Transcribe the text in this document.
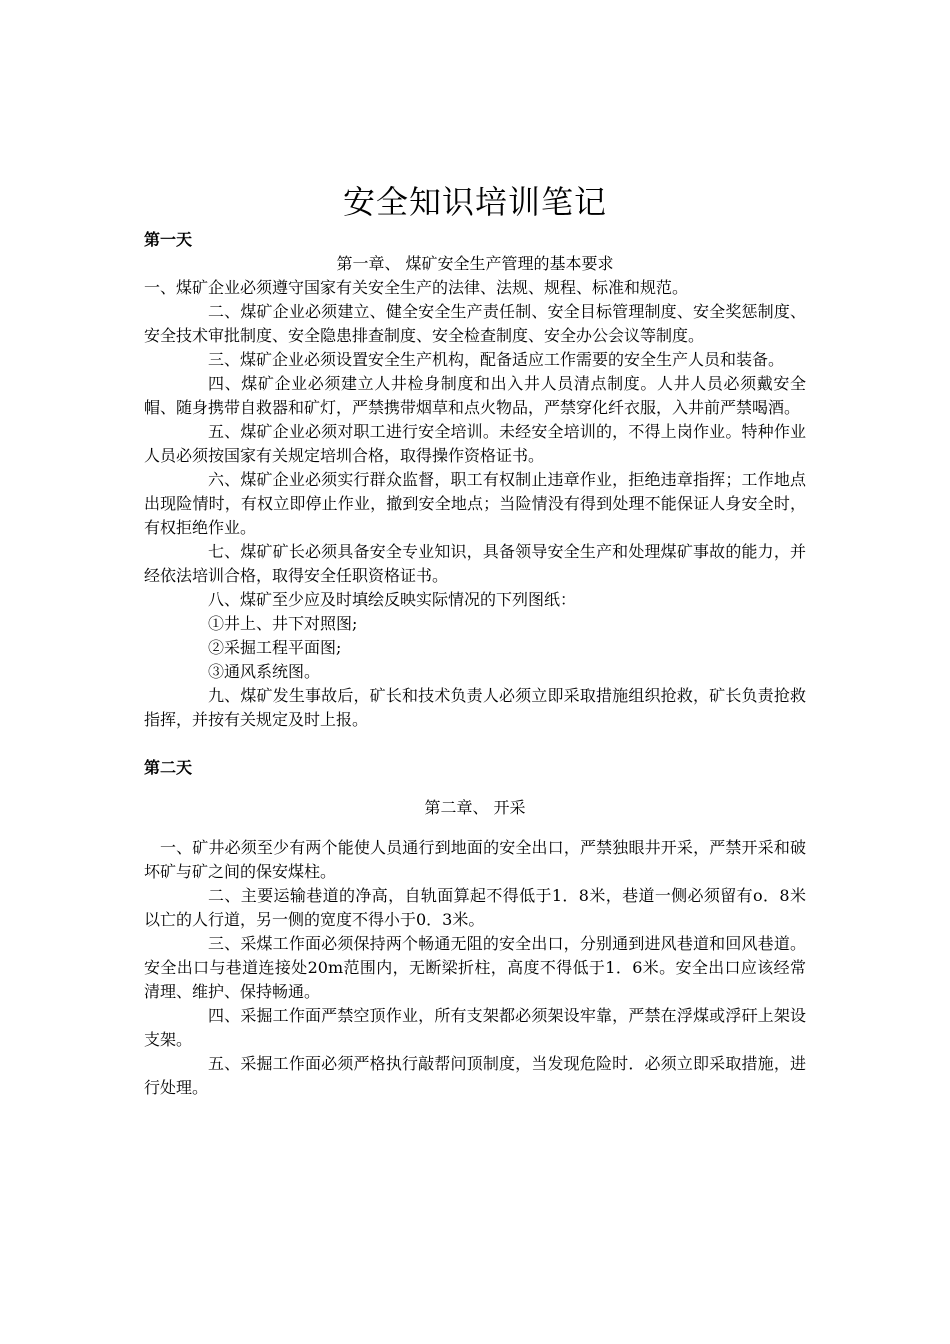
安全知识培训笔记

第一天

第一章、 煤矿安全生产管理的基本要求

一、煤矿企业必须遵守国家有关安全生产的法律、法规、规程、标准和规范。

二、煤矿企业必须建立、健全安全生产责任制、安全目标管理制度、安全奖惩制度、安全技术审批制度、安全隐患排查制度、安全检查制度、安全办公会议等制度。

三、煤矿企业必须设置安全生产机构，配备适应工作需要的安全生产人员和装备。

四、煤矿企业必须建立人井检身制度和出入井人员清点制度。人井人员必须戴安全帽、随身携带自救器和矿灯，严禁携带烟草和点火物品，严禁穿化纤衣服，入井前严禁喝酒。

五、煤矿企业必须对职工进行安全培训。未经安全培训的，不得上岗作业。特种作业人员必须按国家有关规定培圳合格，取得操作资格证书。

六、煤矿企业必须实行群众监督，职工有权制止违章作业，拒绝违章指挥；工作地点出现险情时，有权立即停止作业，撤到安全地点；当险情没有得到处理不能保证人身安全时，有权拒绝作业。

七、煤矿矿长必须具备安全专业知识，具备领导安全生产和处理煤矿事故的能力，并经依法培训合格，取得安全任职资格证书。

八、煤矿至少应及时填绘反映实际情况的下列图纸：

①井上、井下对照图;

②采掘工程平面图;

③通风系统图。

九、煤矿发生事故后，矿长和技术负责人必须立即采取措施组织抢救，矿长负责抢救指挥，并按有关规定及时上报。

第二天

第二章、 开采

一、矿井必须至少有两个能使人员通行到地面的安全出口，严禁独眼井开采，严禁开采和破坏矿与矿之间的保安煤柱。

二、主要运输巷道的净高，自轨面算起不得低于1．8米，巷道一侧必须留有o．8米以亡的人行道，另一侧的宽度不得小于0．3米。

三、采煤工作面必须保持两个畅通无阻的安全出口，分别通到进风巷道和回风巷道。安全出口与巷道连接处20m范围内，无断梁折柱，高度不得低于1．6米。安全出口应该经常清理、维护、保持畅通。

四、采掘工作面严禁空顶作业，所有支架都必须架设牢靠，严禁在浮煤或浮矸上架设支架。

五、采掘工作面必须严格执行敲帮问顶制度，当发现危险时．必须立即采取措施，进行处理。
